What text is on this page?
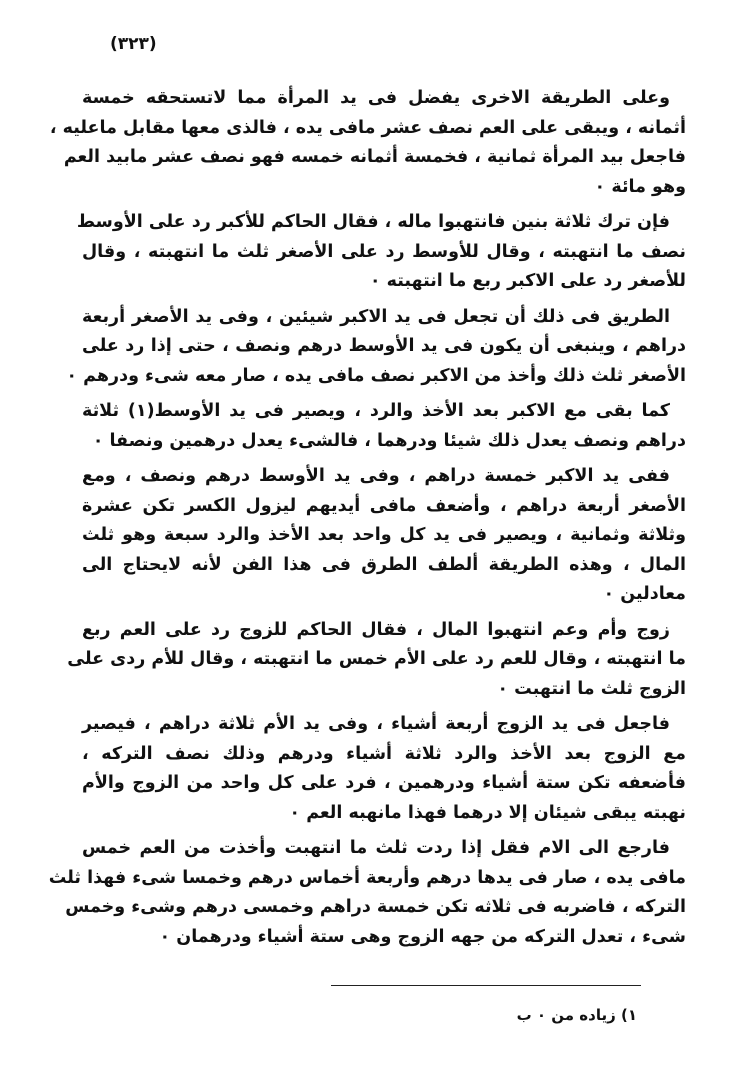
(٣٢٣)
وعلى الطريقة الاخرى يفضل فى يد المرأة مما لاتستحقه خمسة
أثمانه ، ويبقى على العم نصف عشر مافى يده ، فالذى معها مقابل ماعليه ،
فاجعل بيد المرأة ثمانية ، فخمسة أثمانه خمسه فهو نصف عشر مابيد العم
وهو مائة ٠
فإن ترك ثلاثة بنين فانتهبوا ماله ، فقال الحاكم للأكبر رد على الأوسط
نصف ما انتهبته ، وقال للأوسط رد على الأصغر ثلث ما انتهبته ، وقال
للأصغر رد على الاكبر ربع ما انتهبته ٠
الطريق فى ذلك أن تجعل فى يد الاكبر شيئين ، وفى يد الأصغر أربعة
دراهم ، وينبغى أن يكون فى يد الأوسط درهم ونصف ، حتى إذا رد على
الأصغر ثلث ذلك وأخذ من الاكبر نصف مافى يده ، صار معه شىء ودرهم ٠
كما بقى مع الاكبر بعد الأخذ والرد ، ويصير فى يد الأوسط(١) ثلاثة
دراهم ونصف يعدل ذلك شيئا ودرهما ، فالشىء يعدل درهمين ونصفا ٠
ففى يد الاكبر خمسة دراهم ، وفى يد الأوسط درهم ونصف ، ومع
الأصغر أربعة دراهم ، وأضعف مافى أيديهم ليزول الكسر تكن عشرة
وثلاثة وثمانية ، ويصير فى يد كل واحد بعد الأخذ والرد سبعة وهو ثلث
المال ، وهذه الطريقة ألطف الطرق فى هذا الفن لأنه لايحتاج الى
معادلين ٠
زوج وأم وعم انتهبوا المال ، فقال الحاكم للزوج رد على العم ربع
ما انتهبته ، وقال للعم رد على الأم خمس ما انتهبته ، وقال للأم ردى على
الزوج ثلث ما انتهبت ٠
فاجعل فى يد الزوج أربعة أشياء ، وفى يد الأم ثلاثة دراهم ، فيصير
مع الزوج بعد الأخذ والرد ثلاثة أشياء ودرهم وذلك نصف التركه ،
فأضعفه تكن ستة أشياء ودرهمين ، فرد على كل واحد من الزوج والأم
نهبته يبقى شيئان إلا درهما فهذا مانهبه العم ٠
فارجع الى الام فقل إذا ردت ثلث ما انتهبت وأخذت من العم خمس
مافى يده ، صار فى يدها درهم وأربعة أخماس درهم وخمسا شىء فهذا ثلث
التركه ، فاضربه فى ثلاثه تكن خمسة دراهم وخمسى درهم وشىء وخمس
شىء ، تعدل التركه من جهه الزوج وهى ستة أشياء ودرهمان ٠
١) زياده من ٠ ب
